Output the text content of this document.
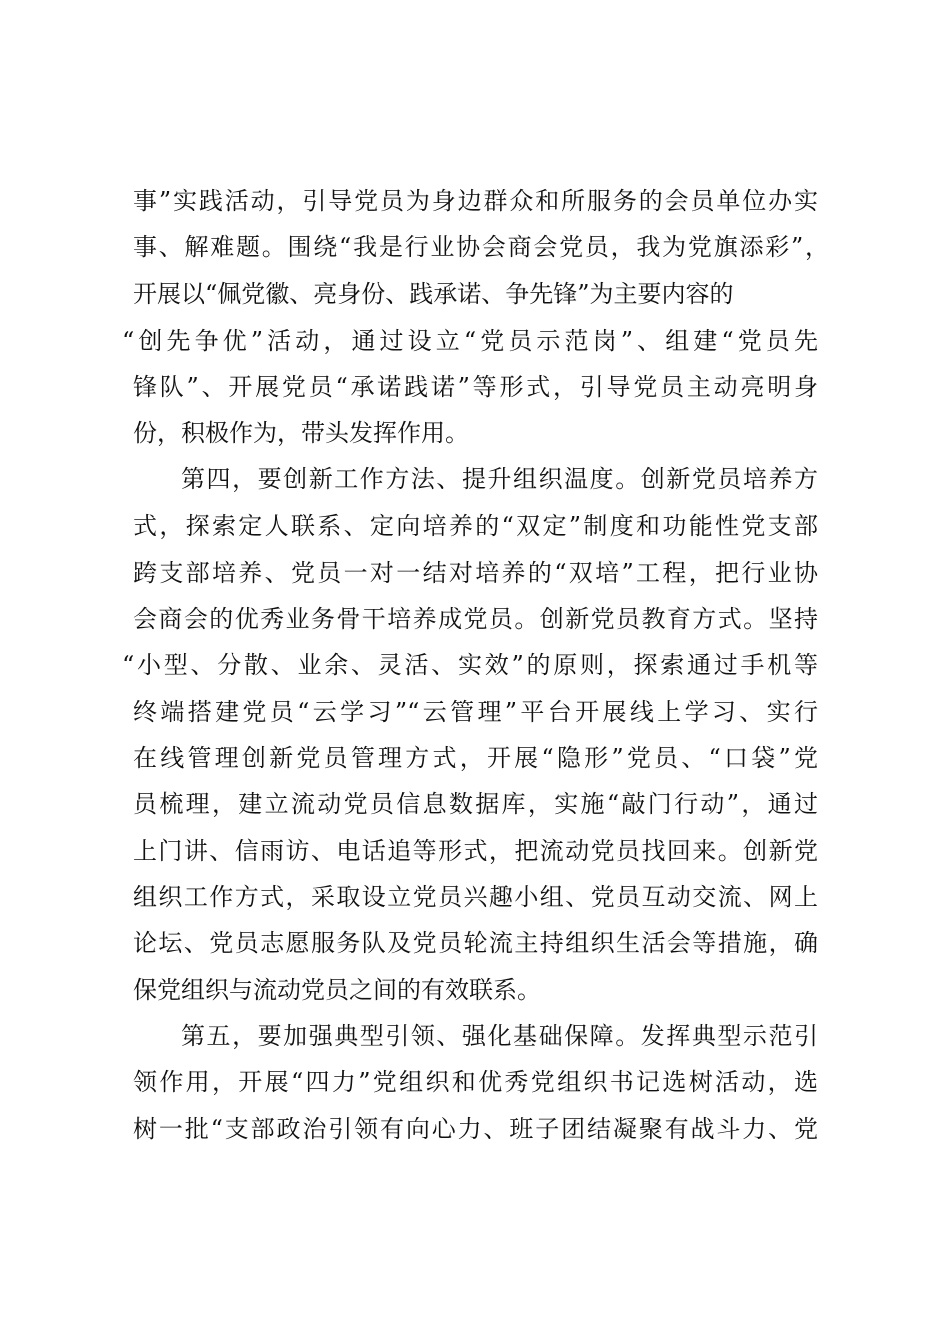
事”实践活动，引导党员为身边群众和所服务的会员单位办实
事、解难题。围绕“我是行业协会商会党员，我为党旗添彩”，
开展以“佩党徽、亮身份、践承诺、争先锋”为主要内容的
“创先争优”活动，通过设立“党员示范岗”、组建“党员先
锋队”、开展党员“承诺践诺”等形式，引导党员主动亮明身
份，积极作为，带头发挥作用。
第四，要创新工作方法、提升组织温度。创新党员培养方
式，探索定人联系、定向培养的“双定”制度和功能性党支部
跨支部培养、党员一对一结对培养的“双培”工程，把行业协
会商会的优秀业务骨干培养成党员。创新党员教育方式。坚持
“小型、分散、业余、灵活、实效”的原则，探索通过手机等
终端搭建党员“云学习”“云管理”平台开展线上学习、实行
在线管理创新党员管理方式，开展“隐形”党员、“口袋”党
员梳理，建立流动党员信息数据库，实施“敲门行动”，通过
上门讲、信雨访、电话追等形式，把流动党员找回来。创新党
组织工作方式，采取设立党员兴趣小组、党员互动交流、网上
论坛、党员志愿服务队及党员轮流主持组织生活会等措施，确
保党组织与流动党员之间的有效联系。
第五，要加强典型引领、强化基础保障。发挥典型示范引
领作用，开展“四力”党组织和优秀党组织书记选树活动，选
树一批“支部政治引领有向心力、班子团结凝聚有战斗力、党
